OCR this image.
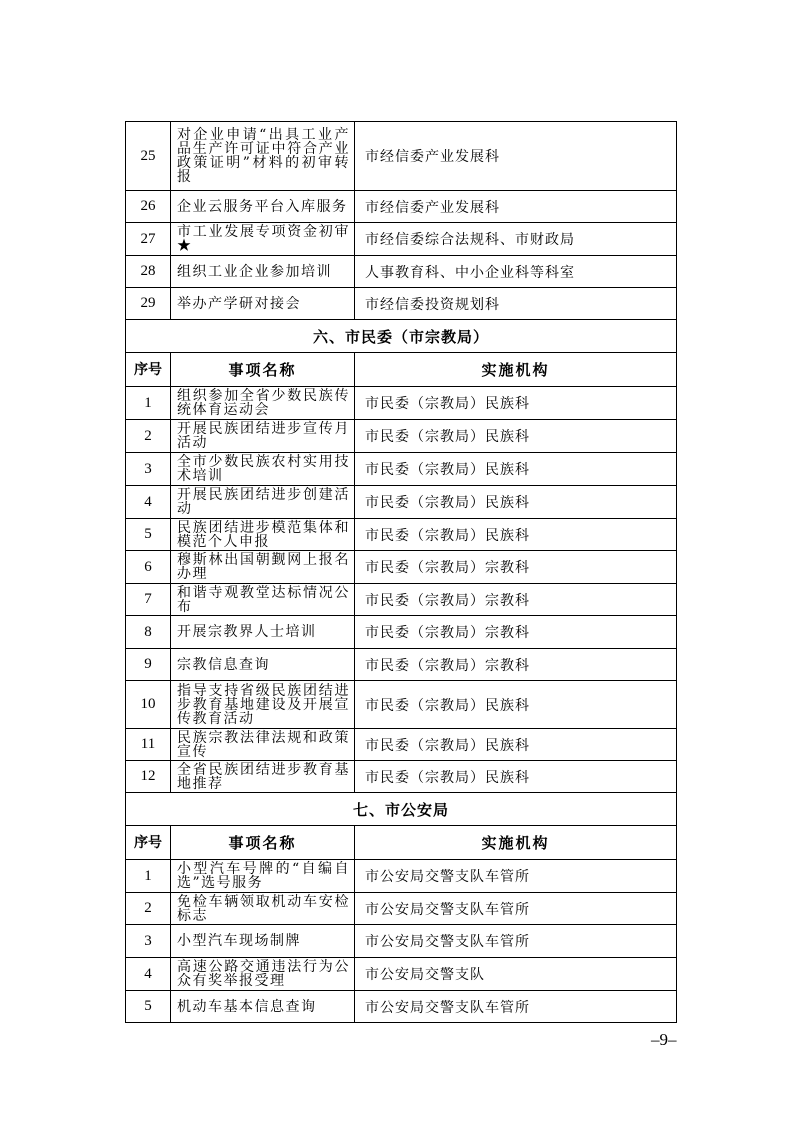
25	对企业申请“出具工业产品生产许可证中符合产业政策证明”材料的初审转报	市经信委产业发展科
26	企业云服务平台入库服务	市经信委产业发展科
27	市工业发展专项资金初审★	市经信委综合法规科、市财政局
28	组织工业企业参加培训	人事教育科、中小企业科等科室
29	举办产学研对接会	市经信委投资规划科
六、市民委（市宗教局）		
序号	事项名称	实施机构
1	组织参加全省少数民族传统体育运动会	市民委（宗教局）民族科
2	开展民族团结进步宣传月活动	市民委（宗教局）民族科
3	全市少数民族农村实用技术培训	市民委（宗教局）民族科
4	开展民族团结进步创建活动	市民委（宗教局）民族科
5	民族团结进步模范集体和模范个人申报	市民委（宗教局）民族科
6	穆斯林出国朝觐网上报名办理	市民委（宗教局）宗教科
7	和谐寺观教堂达标情况公布	市民委（宗教局）宗教科
8	开展宗教界人士培训	市民委（宗教局）宗教科
9	宗教信息查询	市民委（宗教局）宗教科
10	指导支持省级民族团结进步教育基地建设及开展宣传教育活动	市民委（宗教局）民族科
11	民族宗教法律法规和政策宣传	市民委（宗教局）民族科
12	全省民族团结进步教育基地推荐	市民委（宗教局）民族科
七、市公安局		
序号	事项名称	实施机构
1	小型汽车号牌的“自编自选”选号服务	市公安局交警支队车管所
2	免检车辆领取机动车安检标志	市公安局交警支队车管所
3	小型汽车现场制牌	市公安局交警支队车管所
4	高速公路交通违法行为公众有奖举报受理	市公安局交警支队
5	机动车基本信息查询	市公安局交警支队车管所
–9–
